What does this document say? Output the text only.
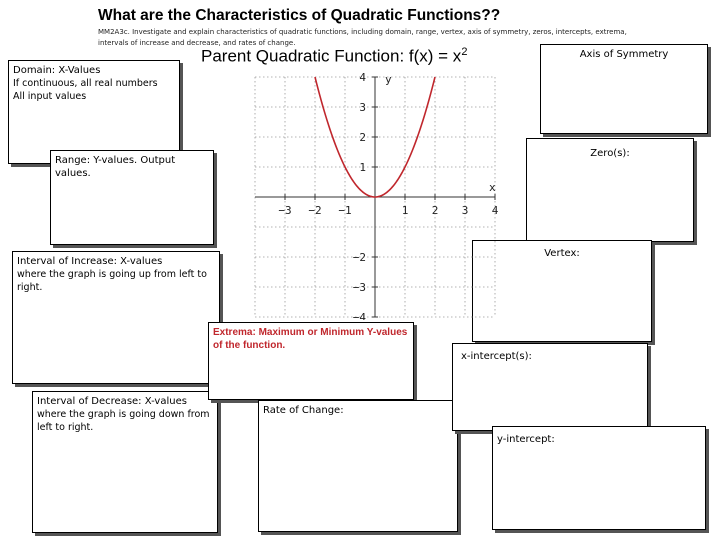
What are the Characteristics of Quadratic Functions??
MM2A3c. Investigate and explain characteristics of quadratic functions, including domain, range, vertex, axis of symmetry, zeros, intercepts, extrema, intervals of increase and decrease, and rates of change.
Parent Quadratic Function: $f(x) = x^2$
Domain: X-Values
If continuous, all real numbers
All input values
Range: Y-values. Output values.
Interval of Increase: X-values
where the graph is going up from left to right.
Interval of Decrease: X-values
where the graph is going down from left to right.
Extrema: Maximum or Minimum Y-values of the function.
Rate of Change:
Axis of Symmetry
Zero(s):
Vertex:
x-intercept(s):
y-intercept:
−3 −2 −1	1 2 3 4
4
3
2
1
−2
−3
−4
x
y
